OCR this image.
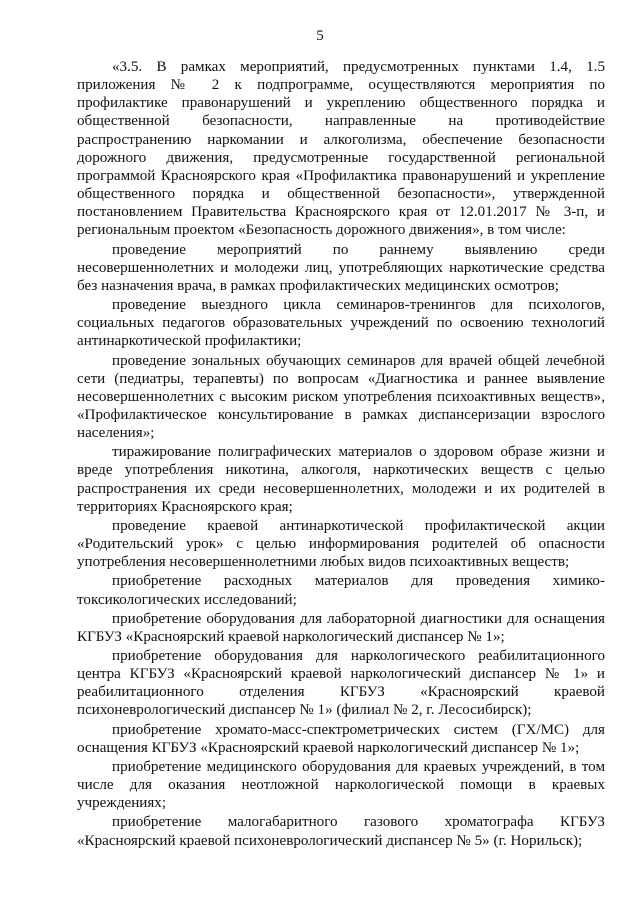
5

«3.5. В рамках мероприятий, предусмотренных пунктами 1.4, 1.5 приложения № 2 к подпрограмме, осуществляются мероприятия по профилактике правонарушений и укреплению общественного порядка и общественной безопасности, направленные на противодействие распространению наркомании и алкоголизма, обеспечение безопасности дорожного движения, предусмотренные государственной региональной программой Красноярского края «Профилактика правонарушений и укрепление общественного порядка и общественной безопасности», утвержденной постановлением Правительства Красноярского края от 12.01.2017 № 3-п, и региональным проектом «Безопасность дорожного движения», в том числе:

проведение мероприятий по раннему выявлению среди несовершеннолетних и молодежи лиц, употребляющих наркотические средства без назначения врача, в рамках профилактических медицинских осмотров;

проведение выездного цикла семинаров-тренингов для психологов, социальных педагогов образовательных учреждений по освоению технологий антинаркотической профилактики;

проведение зональных обучающих семинаров для врачей общей лечебной сети (педиатры, терапевты) по вопросам «Диагностика и раннее выявление несовершеннолетних с высоким риском употребления психоактивных веществ», «Профилактическое консультирование в рамках диспансеризации взрослого населения»;

тиражирование полиграфических материалов о здоровом образе жизни и вреде употребления никотина, алкоголя, наркотических веществ с целью распространения их среди несовершеннолетних, молодежи и их родителей в территориях Красноярского края;

проведение краевой антинаркотической профилактической акции «Родительский урок» с целью информирования родителей об опасности употребления несовершеннолетними любых видов психоактивных веществ;

приобретение расходных материалов для проведения химико-токсикологических исследований;

приобретение оборудования для лабораторной диагностики для оснащения КГБУЗ «Красноярский краевой наркологический диспансер № 1»;

приобретение оборудования для наркологического реабилитационного центра КГБУЗ «Красноярский краевой наркологический диспансер № 1» и реабилитационного отделения КГБУЗ «Красноярский краевой психоневрологический диспансер № 1» (филиал № 2, г. Лесосибирск);

приобретение хромато-масс-спектрометрических систем (ГХ/МС) для оснащения КГБУЗ «Красноярский краевой наркологический диспансер № 1»;

приобретение медицинского оборудования для краевых учреждений, в том числе для оказания неотложной наркологической помощи в краевых учреждениях;

приобретение малогабаритного газового хроматографа КГБУЗ «Красноярский краевой психоневрологический диспансер № 5» (г. Норильск);
